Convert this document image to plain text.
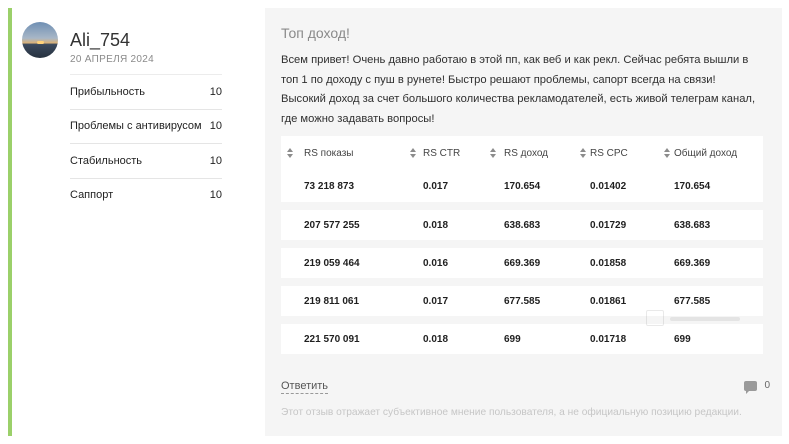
Ali_754
20 АПРЕЛЯ 2024
Прибыльность	10
Проблемы с антивирусом 10
Стабильность	10
Саппорт	10
Топ доход!
Всем привет! Очень давно работаю в этой пп, как веб и как рекл. Сейчас ребята вышли в топ 1 по доходу с пуш в рунете! Быстро решают проблемы, сапорт всегда на связи! Высокий доход за счет большого количества рекламодателей, есть живой телеграм канал, где можно задавать вопросы!
RS показы	RS CTR	RS доход	RS CPC	Общий доход
73 218 873	0.017	170.654	0.01402	170.654
207 577 255	0.018	638.683	0.01729	638.683
219 059 464	0.016	669.369	0.01858	669.369
219 811 061	0.017	677.585	0.01861	677.585
221 570 091	0.018	699	0.01718	699
Ответить	0
Этот отзыв отражает субъективное мнение пользователя, а не официальную позицию редакции.
